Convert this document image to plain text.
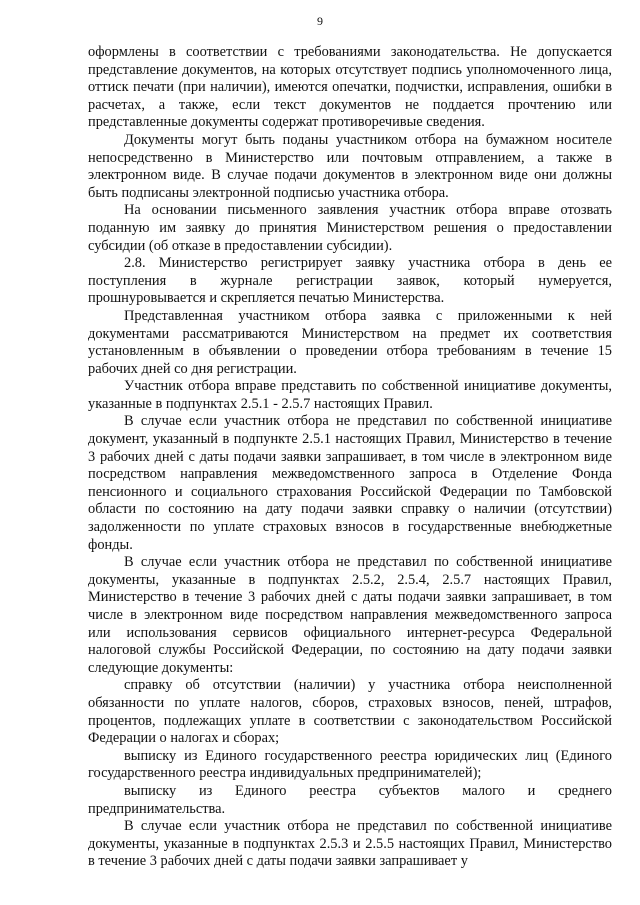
9

оформлены в соответствии с требованиями законодательства. Не допускается представление документов, на которых отсутствует подпись уполномоченного лица, оттиск печати (при наличии), имеются опечатки, подчистки, исправления, ошибки в расчетах, а также, если текст документов не поддается прочтению или представленные документы содержат противоречивые сведения.

Документы могут быть поданы участником отбора на бумажном носителе непосредственно в Министерство или почтовым отправлением, а также в электронном виде. В случае подачи документов в электронном виде они должны быть подписаны электронной подписью участника отбора.

На основании письменного заявления участник отбора вправе отозвать поданную им заявку до принятия Министерством решения о предоставлении субсидии (об отказе в предоставлении субсидии).

2.8. Министерство регистрирует заявку участника отбора в день ее поступления в журнале регистрации заявок, который нумеруется, прошнуровывается и скрепляется печатью Министерства.

Представленная участником отбора заявка с приложенными к ней документами рассматриваются Министерством на предмет их соответствия установленным в объявлении о проведении отбора требованиям в течение 15 рабочих дней со дня регистрации.

Участник отбора вправе представить по собственной инициативе документы, указанные в подпунктах 2.5.1 - 2.5.7 настоящих Правил.

В случае если участник отбора не представил по собственной инициативе документ, указанный в подпункте 2.5.1 настоящих Правил, Министерство в течение 3 рабочих дней с даты подачи заявки запрашивает, в том числе в электронном виде посредством направления межведомственного запроса в Отделение Фонда пенсионного и социального страхования Российской Федерации по Тамбовской области по состоянию на дату подачи заявки справку о наличии (отсутствии) задолженности по уплате страховых взносов в государственные внебюджетные фонды.

В случае если участник отбора не представил по собственной инициативе документы, указанные в подпунктах 2.5.2, 2.5.4, 2.5.7 настоящих Правил, Министерство в течение 3 рабочих дней с даты подачи заявки запрашивает, в том числе в электронном виде посредством направления межведомственного запроса или использования сервисов официального интернет-ресурса Федеральной налоговой службы Российской Федерации, по состоянию на дату подачи заявки следующие документы:

справку об отсутствии (наличии) у участника отбора неисполненной обязанности по уплате налогов, сборов, страховых взносов, пеней, штрафов, процентов, подлежащих уплате в соответствии с законодательством Российской Федерации о налогах и сборах;

выписку из Единого государственного реестра юридических лиц (Единого государственного реестра индивидуальных предпринимателей);

выписку из Единого реестра субъектов малого и среднего предпринимательства.

В случае если участник отбора не представил по собственной инициативе документы, указанные в подпунктах 2.5.3 и 2.5.5 настоящих Правил, Министерство в течение 3 рабочих дней с даты подачи заявки запрашивает у
